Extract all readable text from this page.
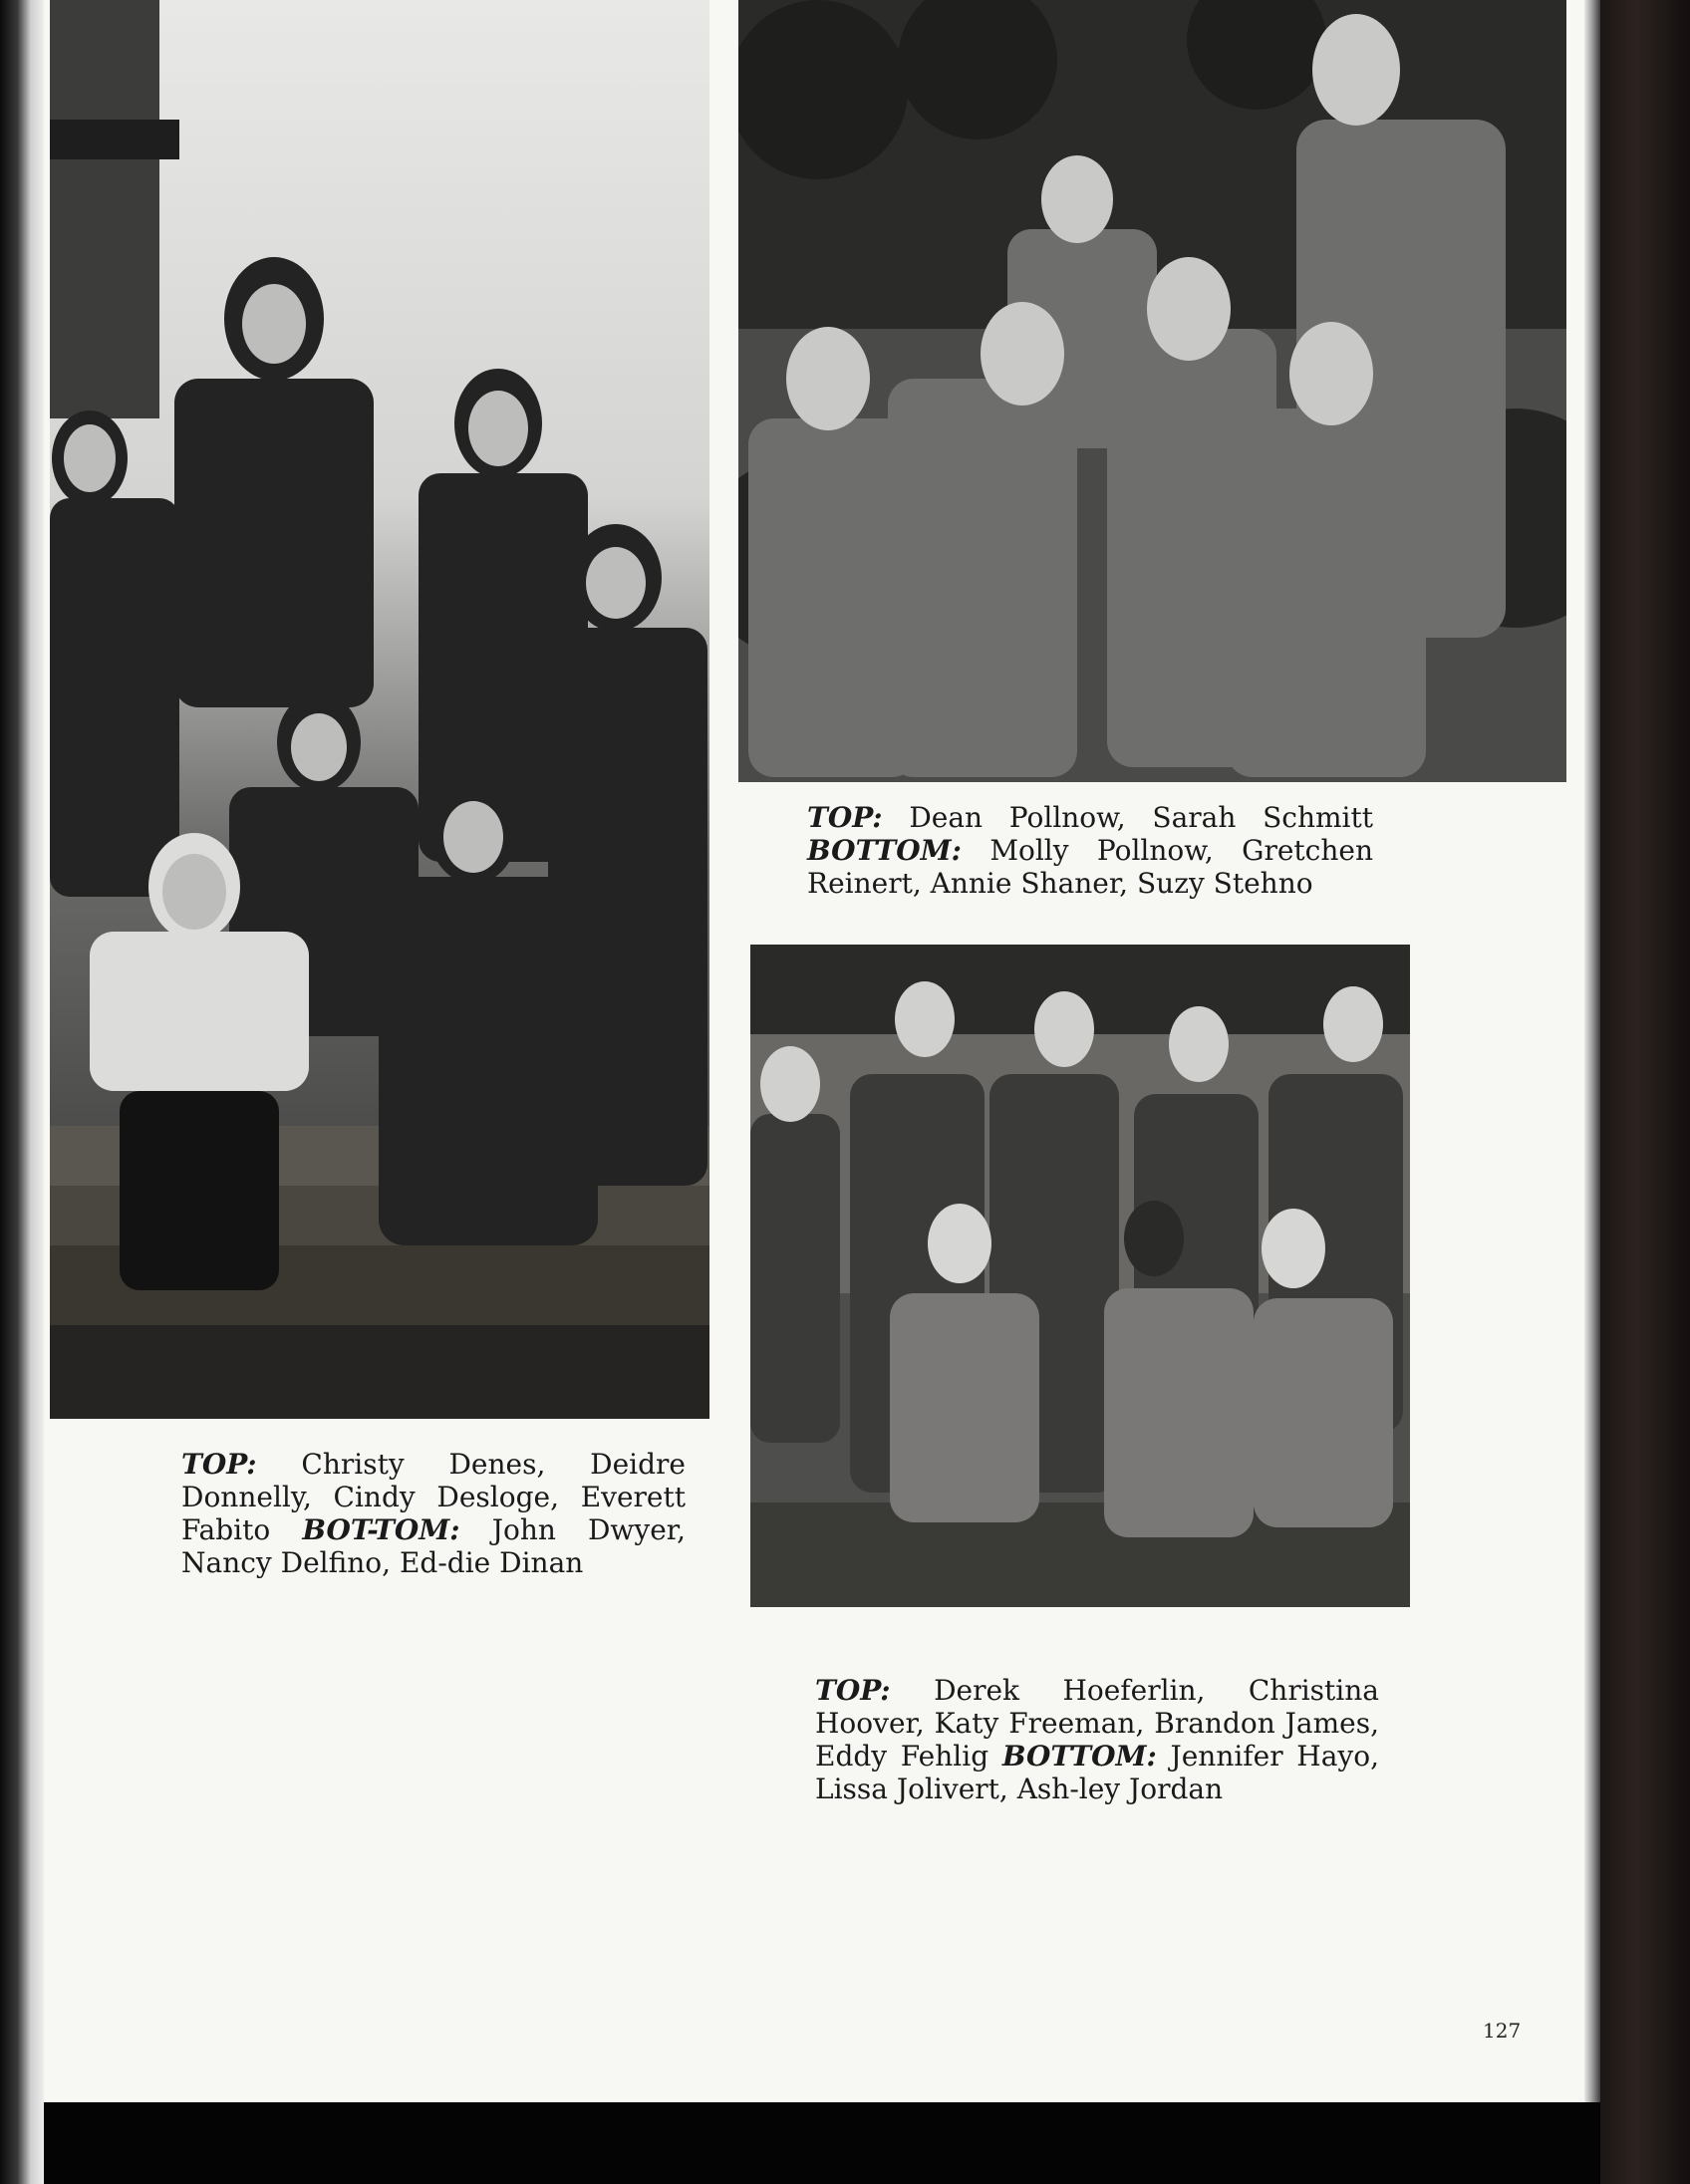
TOP: Christy Denes, Deidre Donnelly, Cindy Desloge, Everett Fabito BOT-TOM: John Dwyer, Nancy Delfino, Ed-die Dinan
TOP: Dean Pollnow, Sarah Schmitt BOTTOM: Molly Pollnow, Gretchen Reinert, Annie Shaner, Suzy Stehno
TOP: Derek Hoeferlin, Christina Hoover, Katy Freeman, Brandon James, Eddy Fehlig BOTTOM: Jennifer Hayo, Lissa Jolivert, Ash-ley Jordan
127
